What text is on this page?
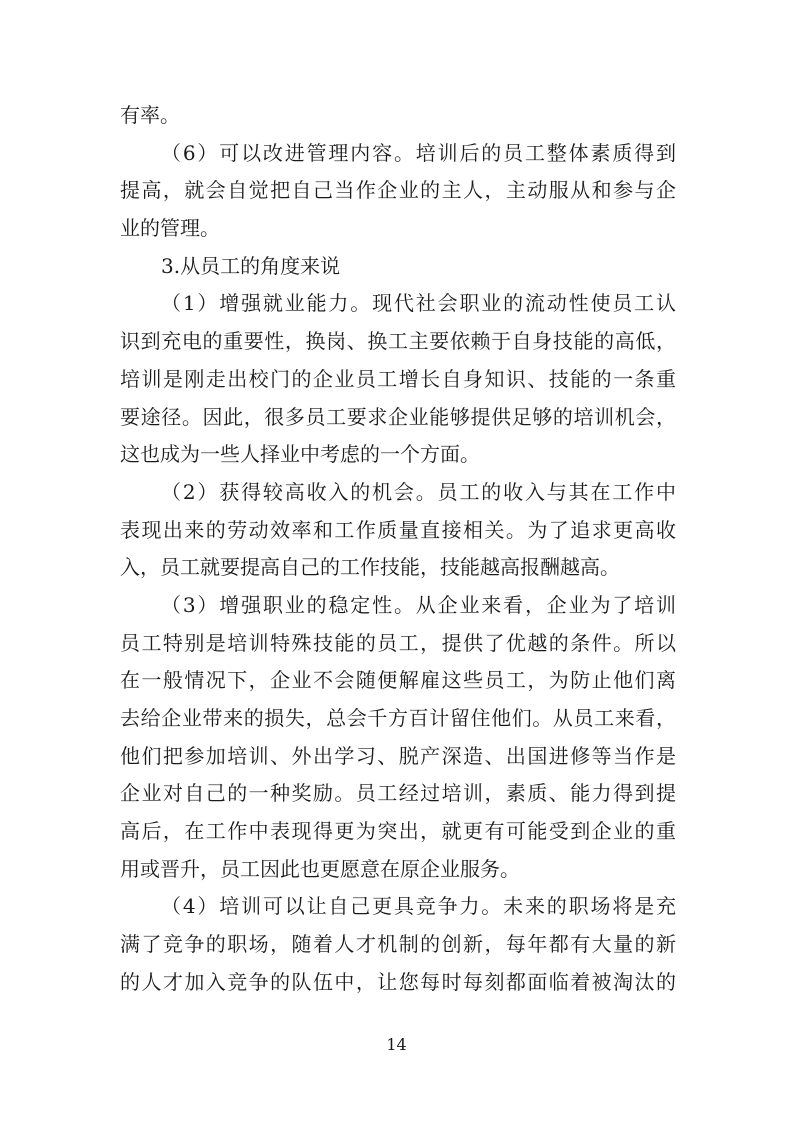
有率。
（6）可以改进管理内容。培训后的员工整体素质得到
提高，就会自觉把自己当作企业的主人，主动服从和参与企
业的管理。
3.从员工的角度来说
（1）增强就业能力。现代社会职业的流动性使员工认
识到充电的重要性，换岗、换工主要依赖于自身技能的高低，
培训是刚走出校门的企业员工增长自身知识、技能的一条重
要途径。因此，很多员工要求企业能够提供足够的培训机会，
这也成为一些人择业中考虑的一个方面。
（2）获得较高收入的机会。员工的收入与其在工作中
表现出来的劳动效率和工作质量直接相关。为了追求更高收
入，员工就要提高自己的工作技能，技能越高报酬越高。
（3）增强职业的稳定性。从企业来看，企业为了培训
员工特别是培训特殊技能的员工，提供了优越的条件。所以
在一般情况下，企业不会随便解雇这些员工，为防止他们离
去给企业带来的损失，总会千方百计留住他们。从员工来看，
他们把参加培训、外出学习、脱产深造、出国进修等当作是
企业对自己的一种奖励。员工经过培训，素质、能力得到提
高后，在工作中表现得更为突出，就更有可能受到企业的重
用或晋升，员工因此也更愿意在原企业服务。
（4）培训可以让自己更具竞争力。未来的职场将是充
满了竞争的职场，随着人才机制的创新，每年都有大量的新
的人才加入竞争的队伍中，让您每时每刻都面临着被淘汰的
14
